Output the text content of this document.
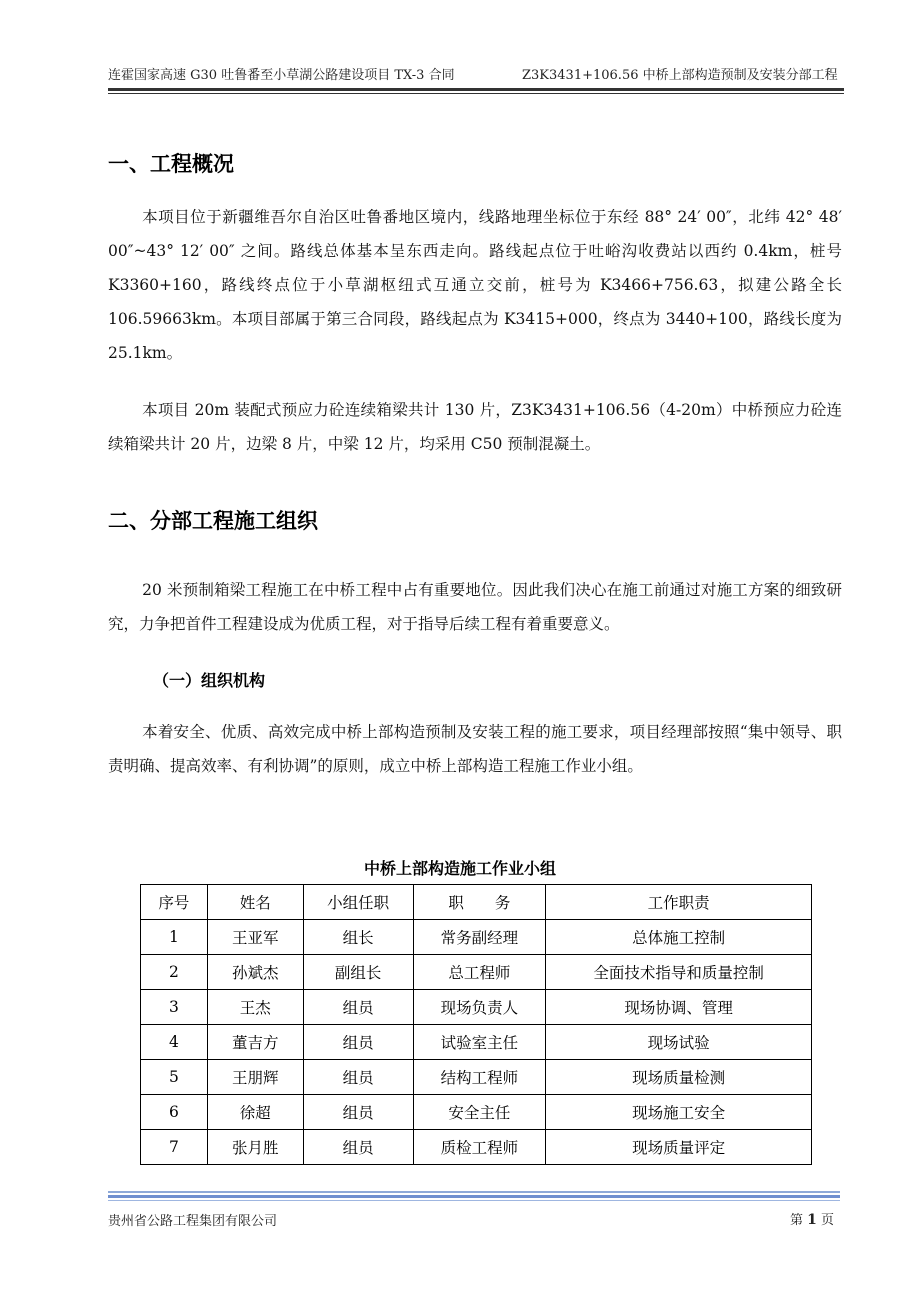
连霍国家高速 G30 吐鲁番至小草湖公路建设项目 TX-3 合同	Z3K3431+106.56 中桥上部构造预制及安装分部工程
一、工程概况

本项目位于新疆维吾尔自治区吐鲁番地区境内，线路地理坐标位于东经 88° 24′ 00″，北纬 42° 48′ 00″~43° 12′ 00″ 之间。路线总体基本呈东西走向。路线起点位于吐峪沟收费站以西约 0.4km，桩号 K3360+160，路线终点位于小草湖枢纽式互通立交前，桩号为 K3466+756.63，拟建公路全长 106.59663km。本项目部属于第三合同段，路线起点为 K3415+000，终点为 3440+100，路线长度为 25.1km。

本项目 20m 装配式预应力砼连续箱梁共计 130 片，Z3K3431+106.56（4-20m）中桥预应力砼连续箱梁共计 20 片，边梁 8 片，中梁 12 片，均采用 C50 预制混凝土。

二、分部工程施工组织

20 米预制箱梁工程施工在中桥工程中占有重要地位。因此我们决心在施工前通过对施工方案的细致研究，力争把首件工程建设成为优质工程，对于指导后续工程有着重要意义。

（一）组织机构

本着安全、优质、高效完成中桥上部构造预制及安装工程的施工要求，项目经理部按照“集中领导、职责明确、提高效率、有利协调”的原则，成立中桥上部构造工程施工作业小组。

中桥上部构造施工作业小组
序号	姓名	小组任职	职　　务	工作职责
1	王亚军	组长	常务副经理	总体施工控制
2	孙斌杰	副组长	总工程师	全面技术指导和质量控制
3	王杰	组员	现场负责人	现场协调、管理
4	董吉方	组员	试验室主任	现场试验
5	王朋辉	组员	结构工程师	现场质量检测
6	徐超	组员	安全主任	现场施工安全
7	张月胜	组员	质检工程师	现场质量评定
贵州省公路工程集团有限公司	第 1 页
